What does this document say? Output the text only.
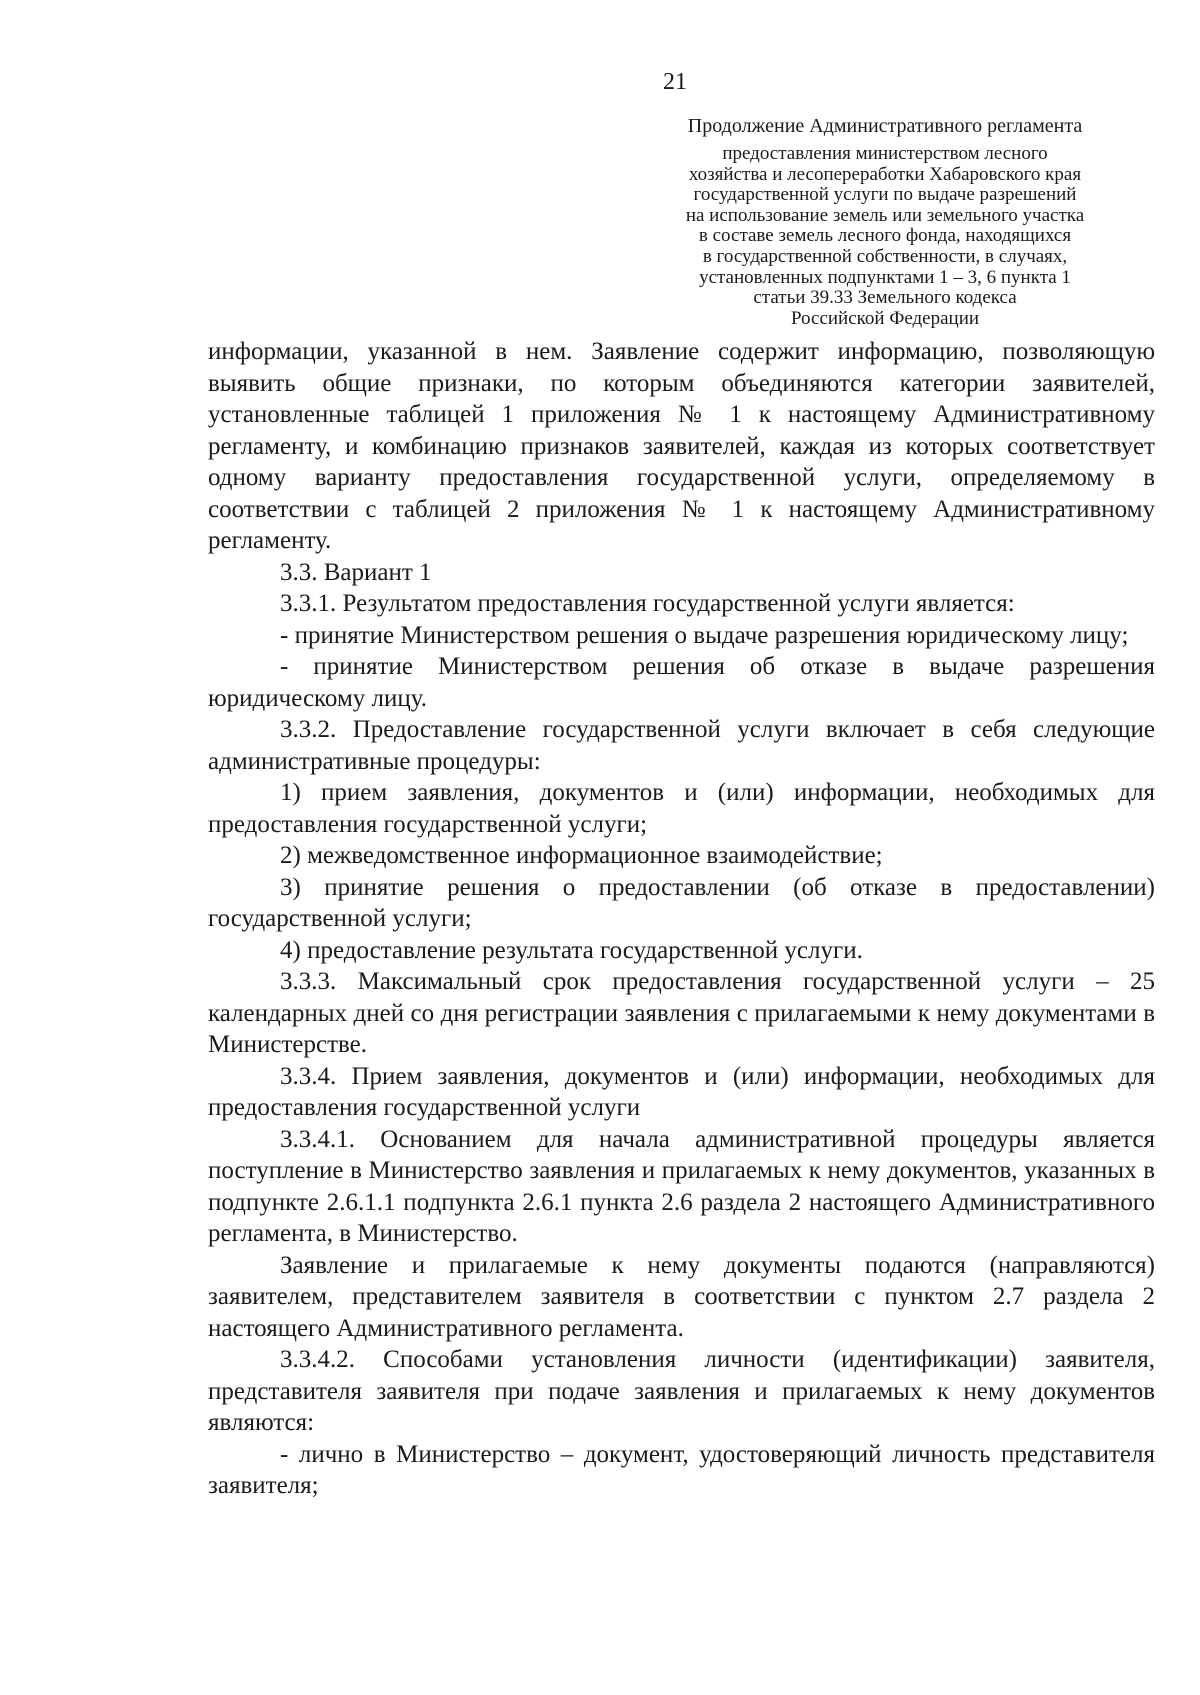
21
Продолжение Административного регламента
предоставления министерством лесного
хозяйства и лесопереработки Хабаровского края
государственной услуги по выдаче разрешений
на использование земель или земельного участка
в составе земель лесного фонда, находящихся
в государственной собственности, в случаях,
установленных подпунктами 1 – 3, 6 пункта 1
статьи 39.33 Земельного кодекса
Российской Федерации

информации, указанной в нем. Заявление содержит информацию, позволяющую выявить общие признаки, по которым объединяются категории заявителей, установленные таблицей 1 приложения № 1 к настоящему Административному регламенту, и комбинацию признаков заявителей, каждая из которых соответствует одному варианту предоставления государственной услуги, определяемому в соответствии с таблицей 2 приложения № 1 к настоящему Административному регламенту.

3.3. Вариант 1

3.3.1. Результатом предоставления государственной услуги является:

- принятие Министерством решения о выдаче разрешения юридическому лицу;

- принятие Министерством решения об отказе в выдаче разрешения юридическому лицу.

3.3.2. Предоставление государственной услуги включает в себя следующие административные процедуры:

1) прием заявления, документов и (или) информации, необходимых для предоставления государственной услуги;

2) межведомственное информационное взаимодействие;

3) принятие решения о предоставлении (об отказе в предоставлении) государственной услуги;

4) предоставление результата государственной услуги.

3.3.3. Максимальный срок предоставления государственной услуги – 25 календарных дней со дня регистрации заявления с прилагаемыми к нему документами в Министерстве.

3.3.4. Прием заявления, документов и (или) информации, необходимых для предоставления государственной услуги

3.3.4.1. Основанием для начала административной процедуры является поступление в Министерство заявления и прилагаемых к нему документов, указанных в подпункте 2.6.1.1 подпункта 2.6.1 пункта 2.6 раздела 2 настоящего Административного регламента, в Министерство.

Заявление и прилагаемые к нему документы подаются (направляются) заявителем, представителем заявителя в соответствии с пунктом 2.7 раздела 2 настоящего Административного регламента.

3.3.4.2. Способами установления личности (идентификации) заявителя, представителя заявителя при подаче заявления и прилагаемых к нему документов являются:

- лично в Министерство – документ, удостоверяющий личность представителя заявителя;
